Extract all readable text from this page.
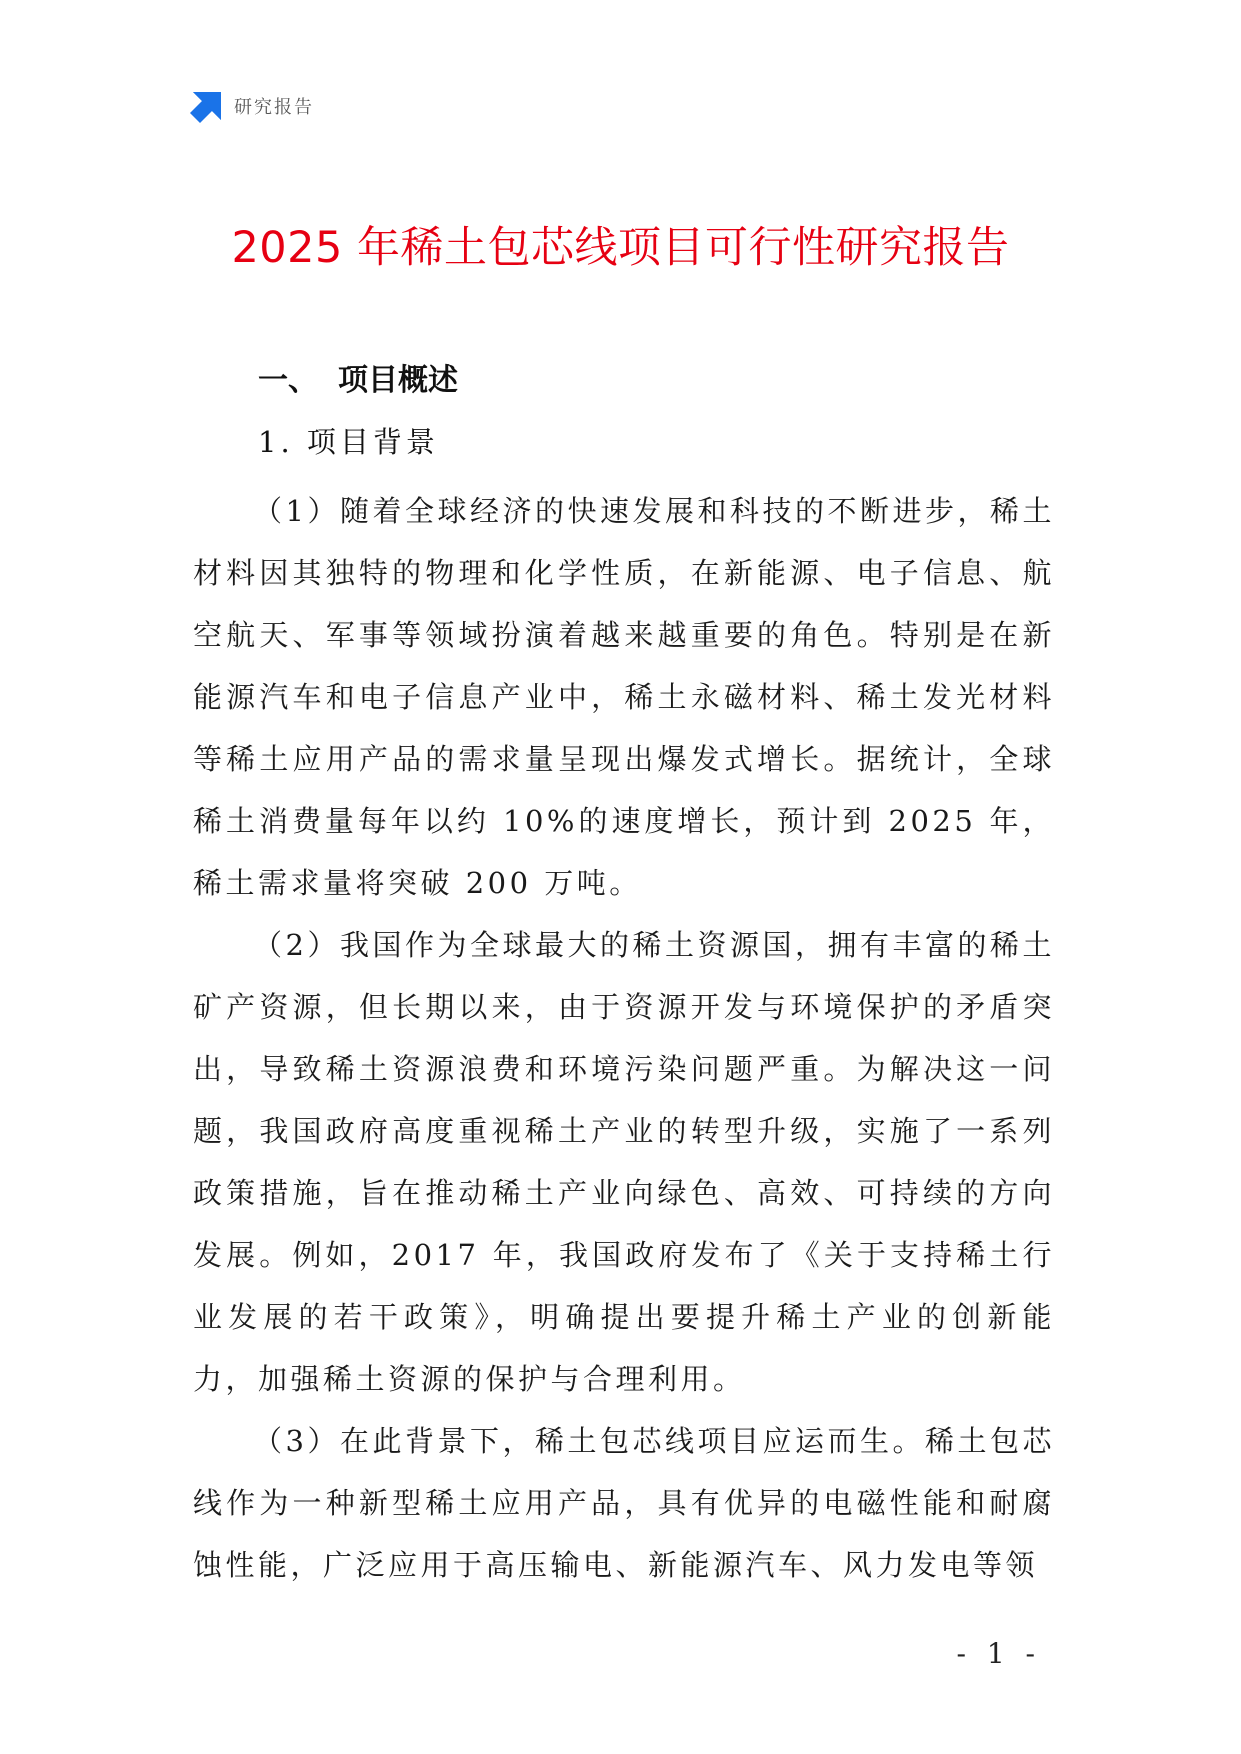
研究报告
2025 年稀土包芯线项目可行性研究报告
一、 项目概述
1. 项目背景

（1）随着全球经济的快速发展和科技的不断进步，稀土材料因其独特的物理和化学性质，在新能源、电子信息、航空航天、军事等领域扮演着越来越重要的角色。特别是在新能源汽车和电子信息产业中，稀土永磁材料、稀土发光材料等稀土应用产品的需求量呈现出爆发式增长。据统计，全球稀土消费量每年以约 10%的速度增长，预计到 2025 年，稀土需求量将突破 200 万吨。

（2）我国作为全球最大的稀土资源国，拥有丰富的稀土矿产资源，但长期以来，由于资源开发与环境保护的矛盾突出，导致稀土资源浪费和环境污染问题严重。为解决这一问题，我国政府高度重视稀土产业的转型升级，实施了一系列政策措施，旨在推动稀土产业向绿色、高效、可持续的方向发展。例如，2017 年，我国政府发布了《关于支持稀土行业发展的若干政策》，明确提出要提升稀土产业的创新能力，加强稀土资源的保护与合理利用。

（3）在此背景下，稀土包芯线项目应运而生。稀土包芯线作为一种新型稀土应用产品，具有优异的电磁性能和耐腐蚀性能，广泛应用于高压输电、新能源汽车、风力发电等领

- 1 -
